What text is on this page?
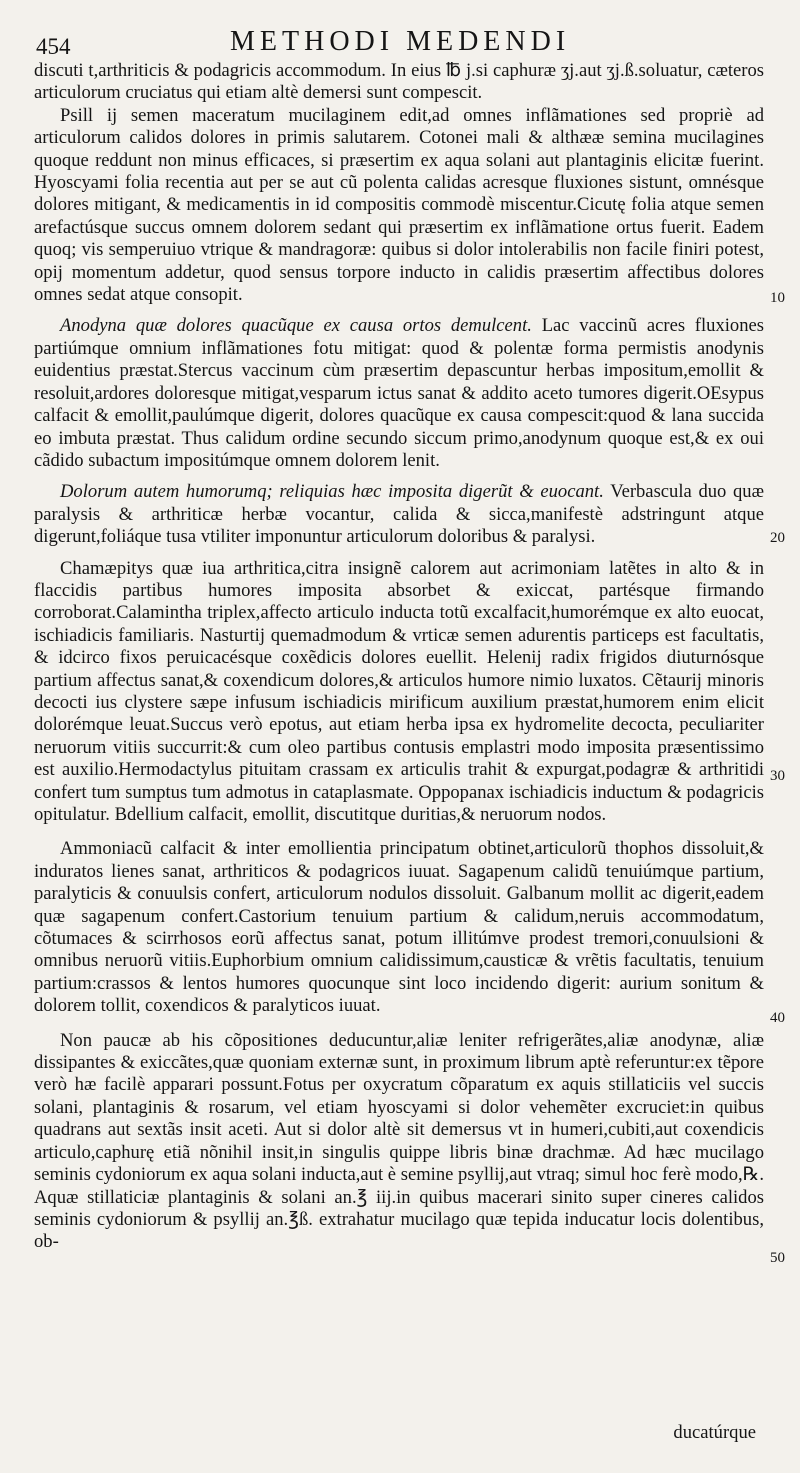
454	METHODI MEDENDI

discuti t,arthriticis & podagricis accommodum. In eius ℔ j.si caphuræ ʒj.aut ʒj.ß.soluatur, cæteros articulorum cruciatus qui etiam altè demersi sunt compescit.

Psill ij semen maceratum mucilaginem edit,ad omnes inflãmationes sed propriè ad articulorum calidos dolores in primis salutarem. Cotonei mali & althææ semina mucilagines quoque reddunt non minus efficaces, si præsertim ex aqua solani aut plantaginis elicitæ fuerint. Hyoscyami folia recentia aut per se aut cũ polenta calidas acresque fluxiones sistunt, omnésque dolores mitigant, & medicamentis in id compositis commodè miscentur.Cicutę folia atque semen arefactúsque succus omnem dolorem sedant qui præsertim ex inflãmatione ortus fuerit. Eadem quoq; vis semperuiuo vtrique & mandragoræ: quibus si dolor intolerabilis non facile finiri potest, opij momentum addetur, quod sensus torpore inducto in calidis præsertim affectibus dolores omnes sedat atque consopit.

Anodyna quæ dolores quacũque ex causa ortos demulcent. Lac vaccinũ acres fluxiones partiúmque omnium inflãmationes fotu mitigat: quod & polentæ forma permistis anodynis euidentius præstat.Stercus vaccinum cùm præsertim depascuntur herbas impositum,emollit & resoluit,ardores doloresque mitigat,vesparum ictus sanat & addito aceto tumores digerit.OEsypus calfacit & emollit,paulúmque digerit, dolores quacũque ex causa compescit:quod & lana succida eo imbuta præstat. Thus calidum ordine secundo siccum primo,anodynum quoque est,& ex oui cãdido subactum impositúmque omnem dolorem lenit.

Dolorum autem humorumq; reliquias hæc imposita digerũt & euocant. Verbascula duo quæ paralysis & arthriticæ herbæ vocantur, calida & sicca,manifestè adstringunt atque digerunt,foliáque tusa vtiliter imponuntur articulorum doloribus & paralysi.

Chamæpitys quæ iua arthritica,citra insignẽ calorem aut acrimoniam latẽtes in alto & in flaccidis partibus humores imposita absorbet & exiccat, partésque firmando corroborat.Calamintha triplex,affecto articulo inducta totũ excalfacit,humorémque ex alto euocat, ischiadicis familiaris. Nasturtij quemadmodum & vrticæ semen adurentis particeps est facultatis, & idcirco fixos peruicacésque coxẽdicis dolores euellit. Helenij radix frigidos diuturnósque partium affectus sanat,& coxendicum dolores,& articulos humore nimio luxatos. Cẽtaurij minoris decocti ius clystere sæpe infusum ischiadicis mirificum auxilium præstat,humorem enim elicit dolorémque leuat.Succus verò epotus, aut etiam herba ipsa ex hydromelite decocta, peculiariter neruorum vitiis succurrit:& cum oleo partibus contusis emplastri modo imposita præsentissimo est auxilio.Hermodactylus pituitam crassam ex articulis trahit & expurgat,podagræ & arthritidi confert tum sumptus tum admotus in cataplasmate. Oppopanax ischiadicis inductum & podagricis opitulatur. Bdellium calfacit, emollit, discutitque duritias,& neruorum nodos.

Ammoniacũ calfacit & inter emollientia principatum obtinet,articulorũ thophos dissoluit,& induratos lienes sanat, arthriticos & podagricos iuuat. Sagapenum calidũ tenuiúmque partium, paralyticis & conuulsis confert, articulorum nodulos dissoluit. Galbanum mollit ac digerit,eadem quæ sagapenum confert.Castorium tenuium partium & calidum,neruis accommodatum, cõtumaces & scirrhosos eorũ affectus sanat, potum illitúmve prodest tremori,conuulsioni & omnibus neruorũ vitiis.Euphorbium omnium calidissimum,causticæ & vrẽtis facultatis, tenuium partium:crassos & lentos humores quocunque sint loco incidendo digerit: aurium sonitum & dolorem tollit, coxendicos & paralyticos iuuat.

Non paucæ ab his cõpositiones deducuntur,aliæ leniter refrigerãtes,aliæ anodynæ, aliæ dissipantes & exiccãtes,quæ quoniam externæ sunt, in proximum librum aptè referuntur:ex tẽpore verò hæ facilè apparari possunt.Fotus per oxycratum cõparatum ex aquis stillaticiis vel succis solani, plantaginis & rosarum, vel etiam hyoscyami si dolor vehemẽter excruciet:in quibus quadrans aut sextãs insit aceti. Aut si dolor altè sit demersus vt in humeri,cubiti,aut coxendicis articulo,caphurę etiã nõnihil insit,in singulis quippe libris binæ drachmæ. Ad hæc mucilago seminis cydoniorum ex aqua solani inducta,aut è semine psyllij,aut vtraq; simul hoc ferè modo,℞. Aquæ stillaticiæ plantaginis & solani an.℥ iij.in quibus macerari sinito super cineres calidos seminis cydoniorum & psyllij an.℥ß. extrahatur mucilago quæ tepida inducatur locis dolentibus, ob-

10
20
30
40
50
ducatúrque
